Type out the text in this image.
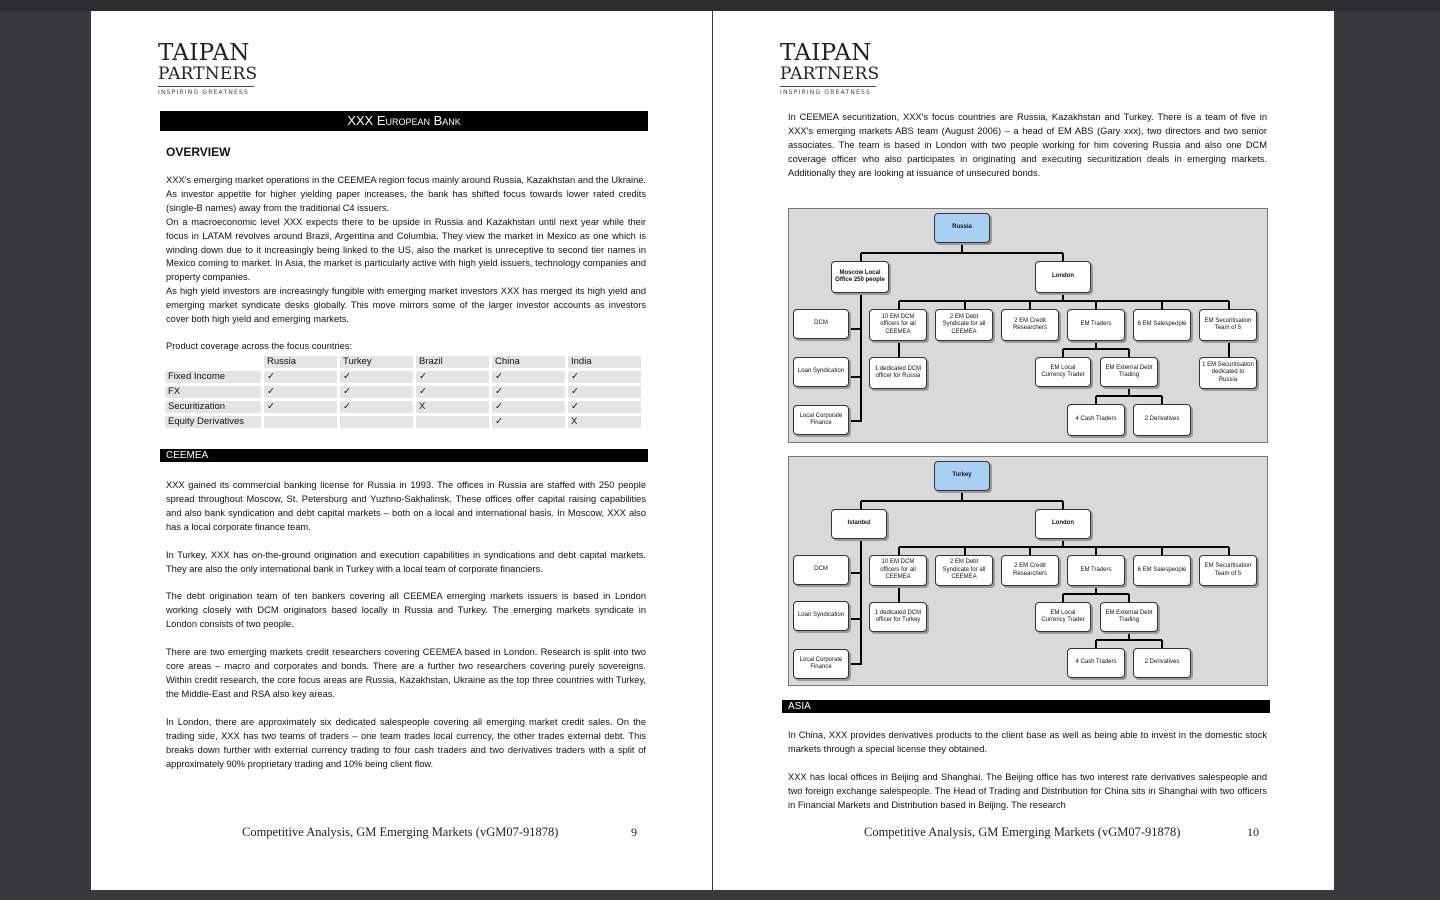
TAIPAN
PARTNERS
INSPIRING GREATNESS
XXX European Bank
OVERVIEW

XXX's emerging market operations in the CEEMEA region focus mainly around Russia, Kazakhstan and the Ukraine. As investor appetite for higher yielding paper increases, the bank has shifted focus towards lower rated credits (single-B names) away from the traditional C4 issuers.

On a macroeconomic level XXX expects there to be upside in Russia and Kazakhstan until next year while their focus in LATAM revolves around Brazil, Argentina and Columbia. They view the market in Mexico as one which is winding down due to it increasingly being linked to the US, also the market is unreceptive to second tier names in Mexico coming to market. In Asia, the market is particularly active with high yield issuers, technology companies and property companies.

As high yield investors are increasingly fungible with emerging market investors XXX has merged its high yield and emerging market syndicate desks globally. This move mirrors some of the larger investor accounts as investors cover both high yield and emerging markets.

Product coverage across the focus countries:
	Russia	Turkey	Brazil	China	India
Fixed Income	✓	✓	✓	✓	✓
FX	✓	✓	✓	✓	✓
Securitization	✓	✓	X	✓	✓
Equity Derivatives				✓	X
CEEMEA

XXX gained its commercial banking license for Russia in 1993. The offices in Russia are staffed with 250 people spread throughout Moscow, St. Petersburg and Yuzhno-Sakhalinsk. These offices offer capital raising capabilities and also bank syndication and debt capital markets – both on a local and international basis. In Moscow, XXX also has a local corporate finance team.

In Turkey, XXX has on-the-ground origination and execution capabilities in syndications and debt capital markets. They are also the only international bank in Turkey with a local team of corporate financiers.

The debt origination team of ten bankers covering all CEEMEA emerging markets issuers is based in London working closely with DCM originators based locally in Russia and Turkey. The emerging markets syndicate in London consists of two people.

There are two emerging markets credit researchers covering CEEMEA based in London. Research is split into two core areas – macro and corporates and bonds. There are a further two researchers covering purely sovereigns. Within credit research, the core focus areas are Russia, Kazakhstan, Ukraine as the top three countries with Turkey, the Middle-East and RSA also key areas.

In London, there are approximately six dedicated salespeople covering all emerging market credit sales. On the trading side, XXX has two teams of traders – one team trades local currency, the other trades external debt. This breaks down further with external currency trading to four cash traders and two derivatives traders with a split of approximately 90% proprietary trading and 10% being client flow.

Competitive Analysis, GM Emerging Markets (vGM07-91878)	9
TAIPAN
PARTNERS
INSPIRING GREATNESS

In CEEMEA securitization, XXX's focus countries are Russia, Kazakhstan and Turkey. There is a team of five in XXX's emerging markets ABS team (August 2006) – a head of EM ABS (Gary xxx), two directors and two senior associates. The team is based in London with two people working for him covering Russia and also one DCM coverage officer who also participates in originating and executing securitization deals in emerging markets. Additionally they are looking at issuance of unsecured bonds.

Russia
Moscow Local Office 250 people
London
DCM
Loan Syndication
Local Corporate Finance
10 EM DCM officers for all CEEMEA
2 EM Debt Syndicate for all CEEMEA
2 EM Credit Researchers
EM Traders	6 EM Salespeople
EM Securitisation Team of 5
1 dedicated DCM officer for Russia
EM Local Currency Trader
EM External Debt Trading
4 Cash Traders	2 Derivatives
1 EM Securitisation dedicated to Russia
Turkey
Istanbul	London
DCM
Loan Syndication
Local Corporate Finance
10 EM DCM officers for all CEEMEA
2 EM Debt Syndicate for all CEEMEA
2 EM Credit Researchers
EM Traders	6 EM Salespeople
EM Securitisation Team of 5
1 dedicated DCM officer for Turkey
EM Local Currency Trader
EM External Debt Trading
4 Cash Traders	2 Derivatives
ASIA

In China, XXX provides derivatives products to the client base as well as being able to invest in the domestic stock markets through a special license they obtained.

XXX has local offices in Beijing and Shanghai. The Beijing office has two interest rate derivatives salespeople and two foreign exchange salespeople. The Head of Trading and Distribution for China sits in Shanghai with two officers in Financial Markets and Distribution based in Beijing. The research

Competitive Analysis, GM Emerging Markets (vGM07-91878)	10
